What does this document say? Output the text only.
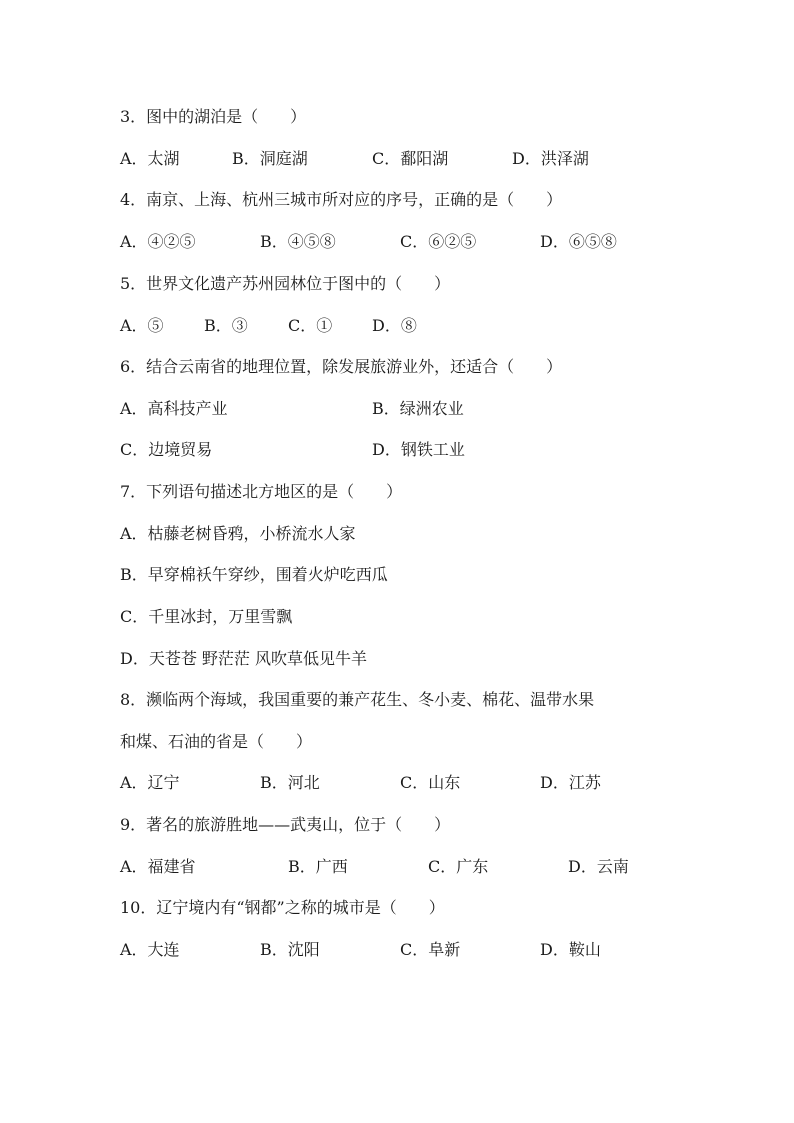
3．图中的湖泊是（　　）
A．太湖	B．洞庭湖	C．鄱阳湖	D．洪泽湖
4．南京、上海、杭州三城市所对应的序号，正确的是（　　）
A．④②⑤	B．④⑤⑧	C．⑥②⑤	D．⑥⑤⑧
5．世界文化遗产苏州园林位于图中的（　　）
A．⑤	B．③	C．① D．⑧
6．结合云南省的地理位置，除发展旅游业外，还适合（　　）
A．高科技产业	B．绿洲农业
C．边境贸易	D．钢铁工业
7．下列语句描述北方地区的是（　　）
A．枯藤老树昏鸦，小桥流水人家
B．早穿棉袄午穿纱，围着火炉吃西瓜
C．千里冰封，万里雪飘
D．天苍苍 野茫茫 风吹草低见牛羊
8．濒临两个海域，我国重要的兼产花生、冬小麦、棉花、温带水果
和煤、石油的省是（　　）
A．辽宁	B．河北	C．山东	D．江苏
9．著名的旅游胜地——武夷山，位于（　　）
A．福建省	B．广西	C．广东	D．云南
10．辽宁境内有“钢都”之称的城市是（　　）
A．大连	B．沈阳	C．阜新	D．鞍山
